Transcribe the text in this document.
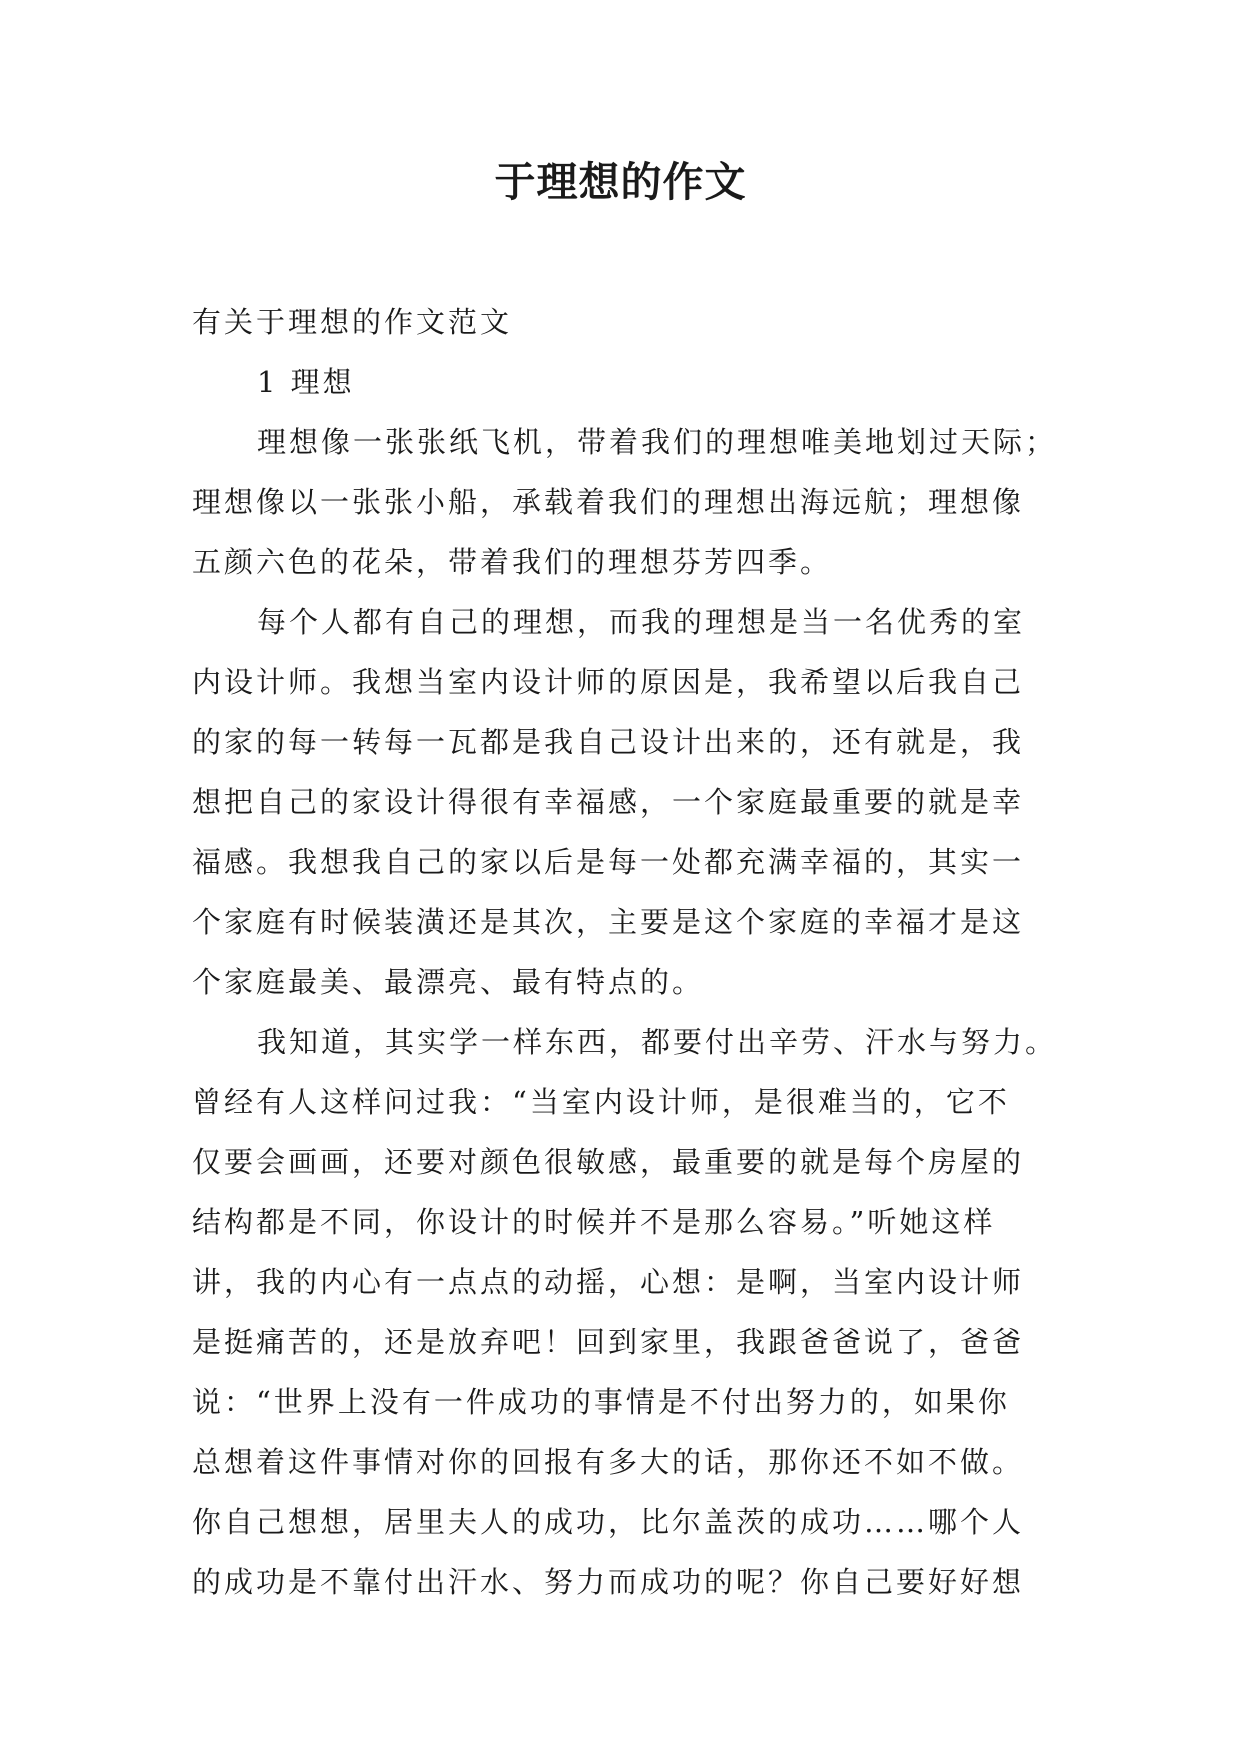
于理想的作文
有关于理想的作文范文
1 理想
理想像一张张纸飞机，带着我们的理想唯美地划过天际；
理想像以一张张小船，承载着我们的理想出海远航；理想像
五颜六色的花朵，带着我们的理想芬芳四季。
每个人都有自己的理想，而我的理想是当一名优秀的室
内设计师。我想当室内设计师的原因是，我希望以后我自己
的家的每一转每一瓦都是我自己设计出来的，还有就是，我
想把自己的家设计得很有幸福感，一个家庭最重要的就是幸
福感。我想我自己的家以后是每一处都充满幸福的，其实一
个家庭有时候装潢还是其次，主要是这个家庭的幸福才是这
个家庭最美、最漂亮、最有特点的。
我知道，其实学一样东西，都要付出辛劳、汗水与努力。
曾经有人这样问过我：“当室内设计师，是很难当的，它不
仅要会画画，还要对颜色很敏感，最重要的就是每个房屋的
结构都是不同，你设计的时候并不是那么容易。”听她这样
讲，我的内心有一点点的动摇，心想：是啊，当室内设计师
是挺痛苦的，还是放弃吧！回到家里，我跟爸爸说了，爸爸
说：“世界上没有一件成功的事情是不付出努力的，如果你
总想着这件事情对你的回报有多大的话，那你还不如不做。
你自己想想，居里夫人的成功，比尔盖茨的成功……哪个人
的成功是不靠付出汗水、努力而成功的呢？你自己要好好想
